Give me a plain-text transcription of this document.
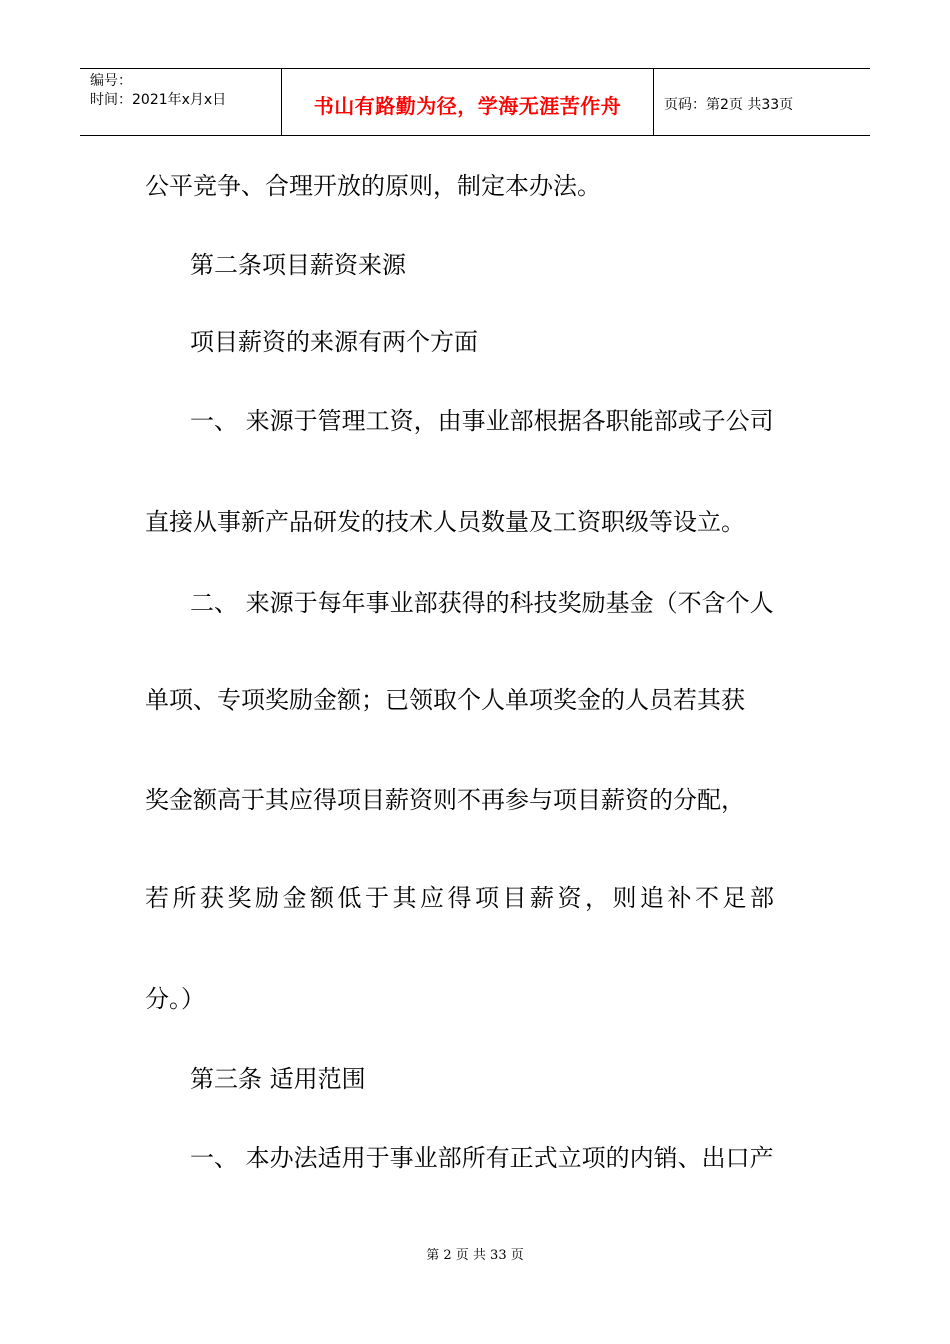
编号：
时间：2021年x月x日	书山有路勤为径，学海无涯苦作舟	页码：第2页 共33页
公平竞争、合理开放的原则，制定本办法。
第二条项目薪资来源
项目薪资的来源有两个方面
一、 来源于管理工资，由事业部根据各职能部或子公司
直接从事新产品研发的技术人员数量及工资职级等设立。
二、 来源于每年事业部获得的科技奖励基金（不含个人
单项、专项奖励金额；已领取个人单项奖金的人员若其获
奖金额高于其应得项目薪资则不再参与项目薪资的分配，
若所获奖励金额低于其应得项目薪资，则追补不足部
分。）
第三条 适用范围
一、 本办法适用于事业部所有正式立项的内销、出口产
第 2 页 共 33 页
